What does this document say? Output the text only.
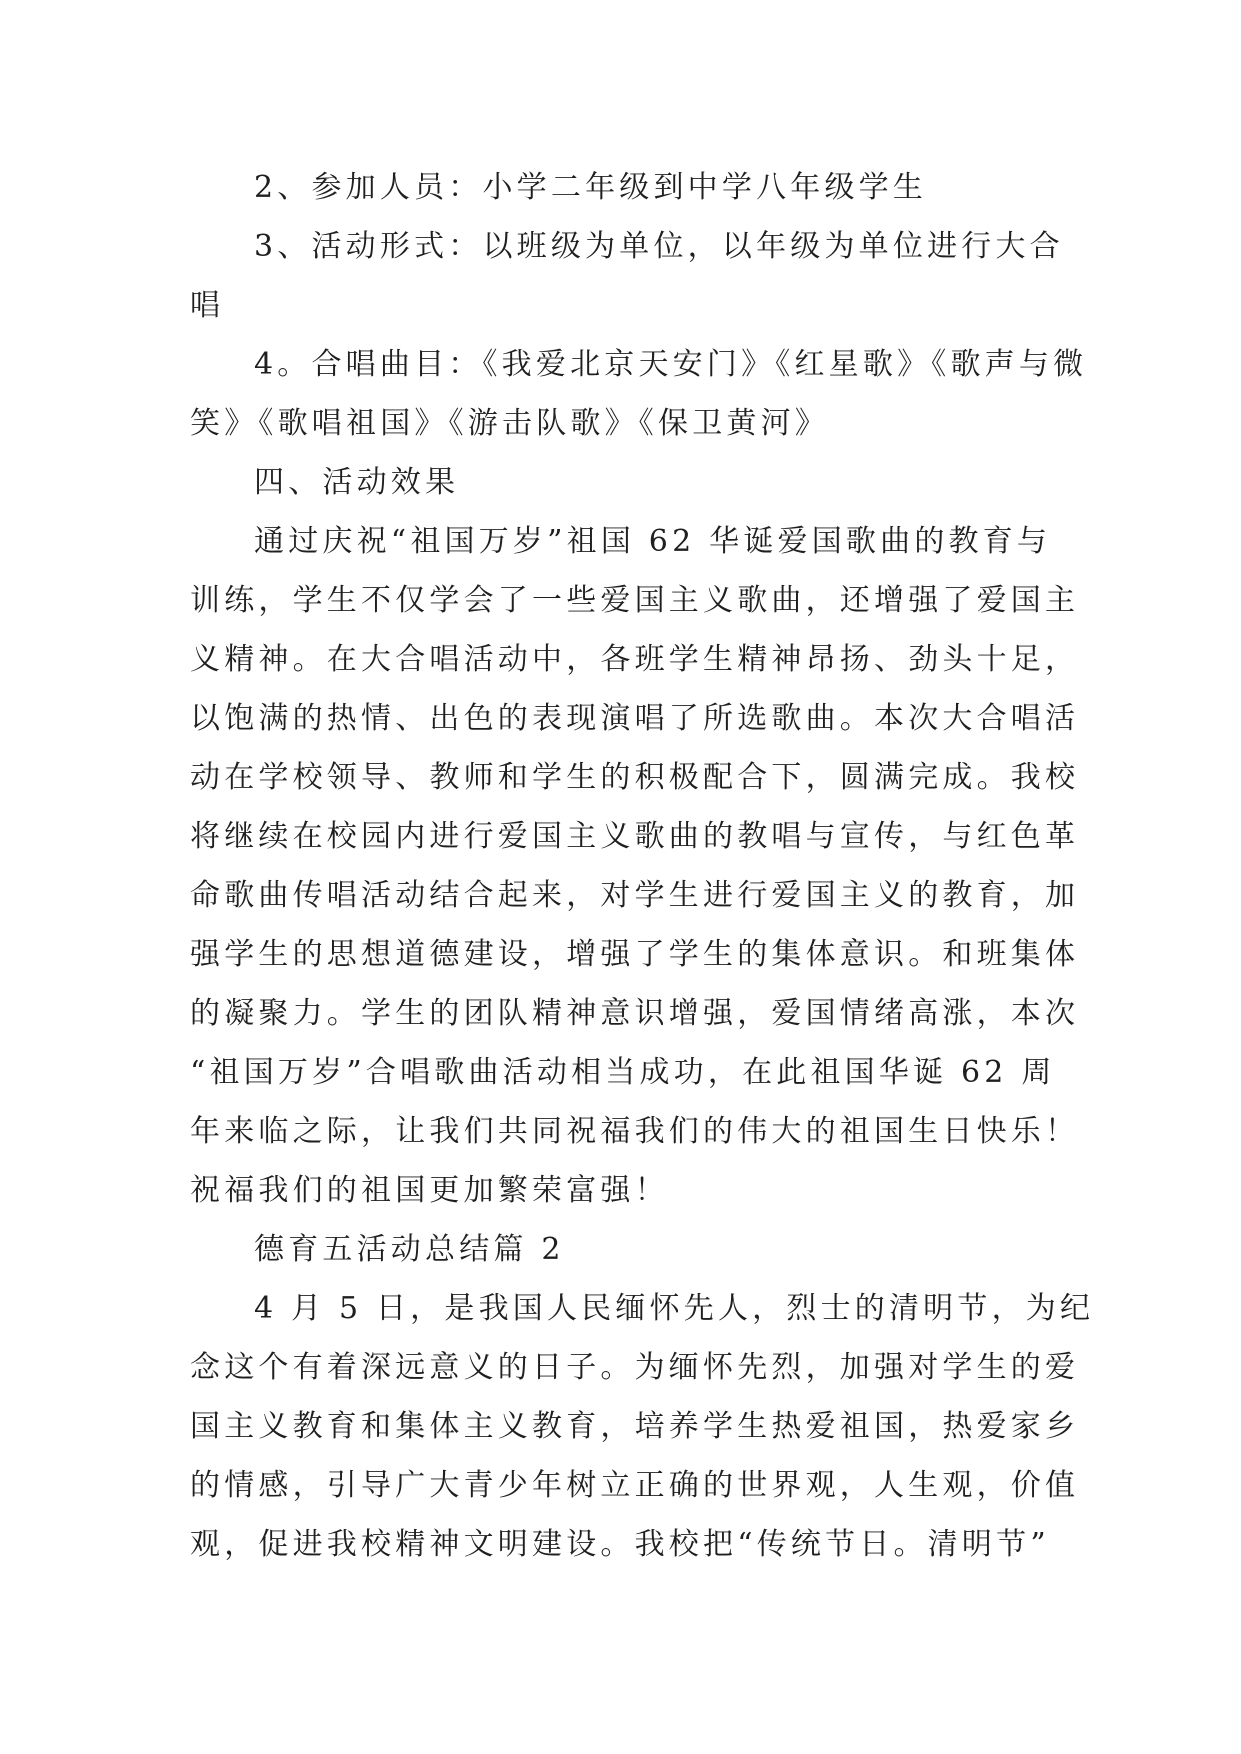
2、参加人员：小学二年级到中学八年级学生
3、活动形式：以班级为单位，以年级为单位进行大合
唱
4。合唱曲目：《我爱北京天安门》《红星歌》《歌声与微
笑》《歌唱祖国》《游击队歌》《保卫黄河》
四、活动效果
通过庆祝“祖国万岁”祖国 62 华诞爱国歌曲的教育与
训练，学生不仅学会了一些爱国主义歌曲，还增强了爱国主
义精神。在大合唱活动中，各班学生精神昂扬、劲头十足，
以饱满的热情、出色的表现演唱了所选歌曲。本次大合唱活
动在学校领导、教师和学生的积极配合下，圆满完成。我校
将继续在校园内进行爱国主义歌曲的教唱与宣传，与红色革
命歌曲传唱活动结合起来，对学生进行爱国主义的教育，加
强学生的思想道德建设，增强了学生的集体意识。和班集体
的凝聚力。学生的团队精神意识增强，爱国情绪高涨，本次
“祖国万岁”合唱歌曲活动相当成功，在此祖国华诞 62 周
年来临之际，让我们共同祝福我们的伟大的祖国生日快乐！
祝福我们的祖国更加繁荣富强！
德育五活动总结篇 2
4 月 5 日，是我国人民缅怀先人，烈士的清明节，为纪
念这个有着深远意义的日子。为缅怀先烈，加强对学生的爱
国主义教育和集体主义教育，培养学生热爱祖国，热爱家乡
的情感，引导广大青少年树立正确的世界观，人生观，价值
观，促进我校精神文明建设。我校把“传统节日。清明节”
